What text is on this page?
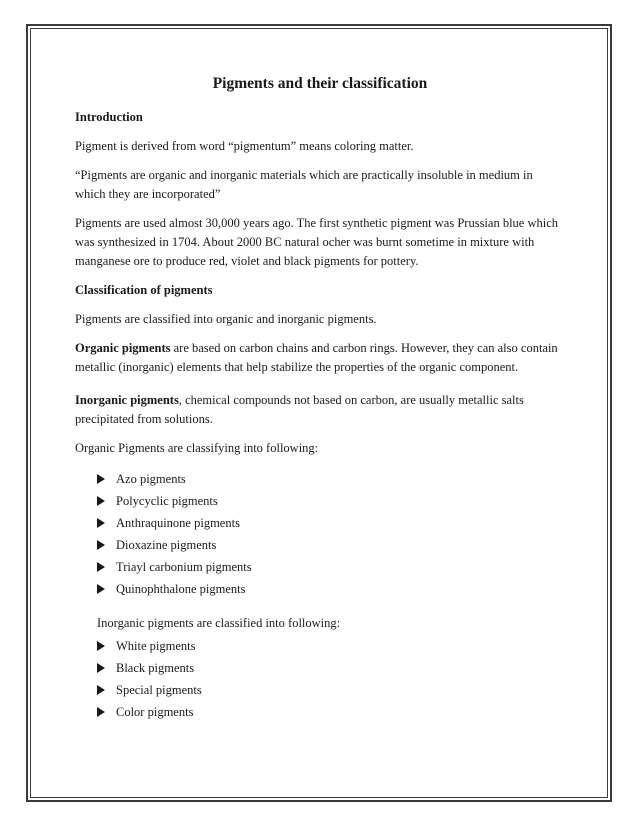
Pigments and their classification
Introduction
Pigment is derived from word “pigmentum” means coloring matter.
“Pigments are organic and inorganic materials which are practically insoluble in medium in which they are incorporated”
Pigments are used almost 30,000 years ago. The first synthetic pigment was Prussian blue which was synthesized in 1704. About 2000 BC natural ocher was burnt sometime in mixture with manganese ore to produce red, violet and black pigments for pottery.
Classification of pigments
Pigments are classified into organic and inorganic pigments.
Organic pigments are based on carbon chains and carbon rings. However, they can also contain metallic (inorganic) elements that help stabilize the properties of the organic component.
Inorganic pigments, chemical compounds not based on carbon, are usually metallic salts precipitated from solutions.
Organic Pigments are classifying into following:
Azo pigments
Polycyclic pigments
Anthraquinone pigments
Dioxazine pigments
Triayl carbonium pigments
Quinophthalone pigments
Inorganic pigments are classified into following:
White pigments
Black pigments
Special pigments
Color pigments
